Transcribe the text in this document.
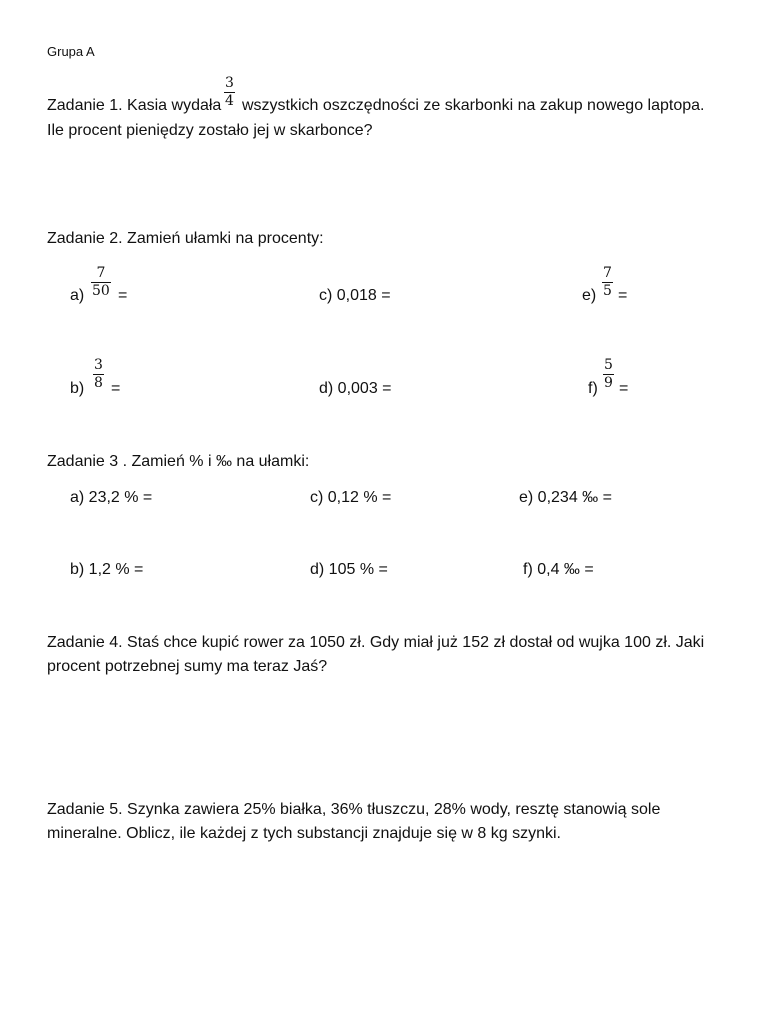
Grupa A
Zadanie 1. Kasia wydała
3
4 wszystkich oszczędności ze skarbonki na zakup nowego laptopa.
Ile procent pieniędzy zostało jej w skarbonce?
Zadanie 2. Zamień ułamki na procenty:
a)
7
50 =	c) 0,018 =	e)
7
5 =
b)
3
8 =	d) 0,003 =	f)
5
9 =
Zadanie 3 . Zamień % i ‰ na ułamki:
a) 23,2 % =	c) 0,12 % =	e) 0,234 ‰ =
b) 1,2 % =	d) 105 % =	f) 0,4 ‰ =
Zadanie 4. Staś chce kupić rower za 1050 zł. Gdy miał już 152 zł dostał od wujka 100 zł. Jaki
procent potrzebnej sumy ma teraz Jaś?
Zadanie 5. Szynka zawiera 25% białka, 36% tłuszczu, 28% wody, resztę stanowią sole
mineralne. Oblicz, ile każdej z tych substancji znajduje się w 8 kg szynki.
